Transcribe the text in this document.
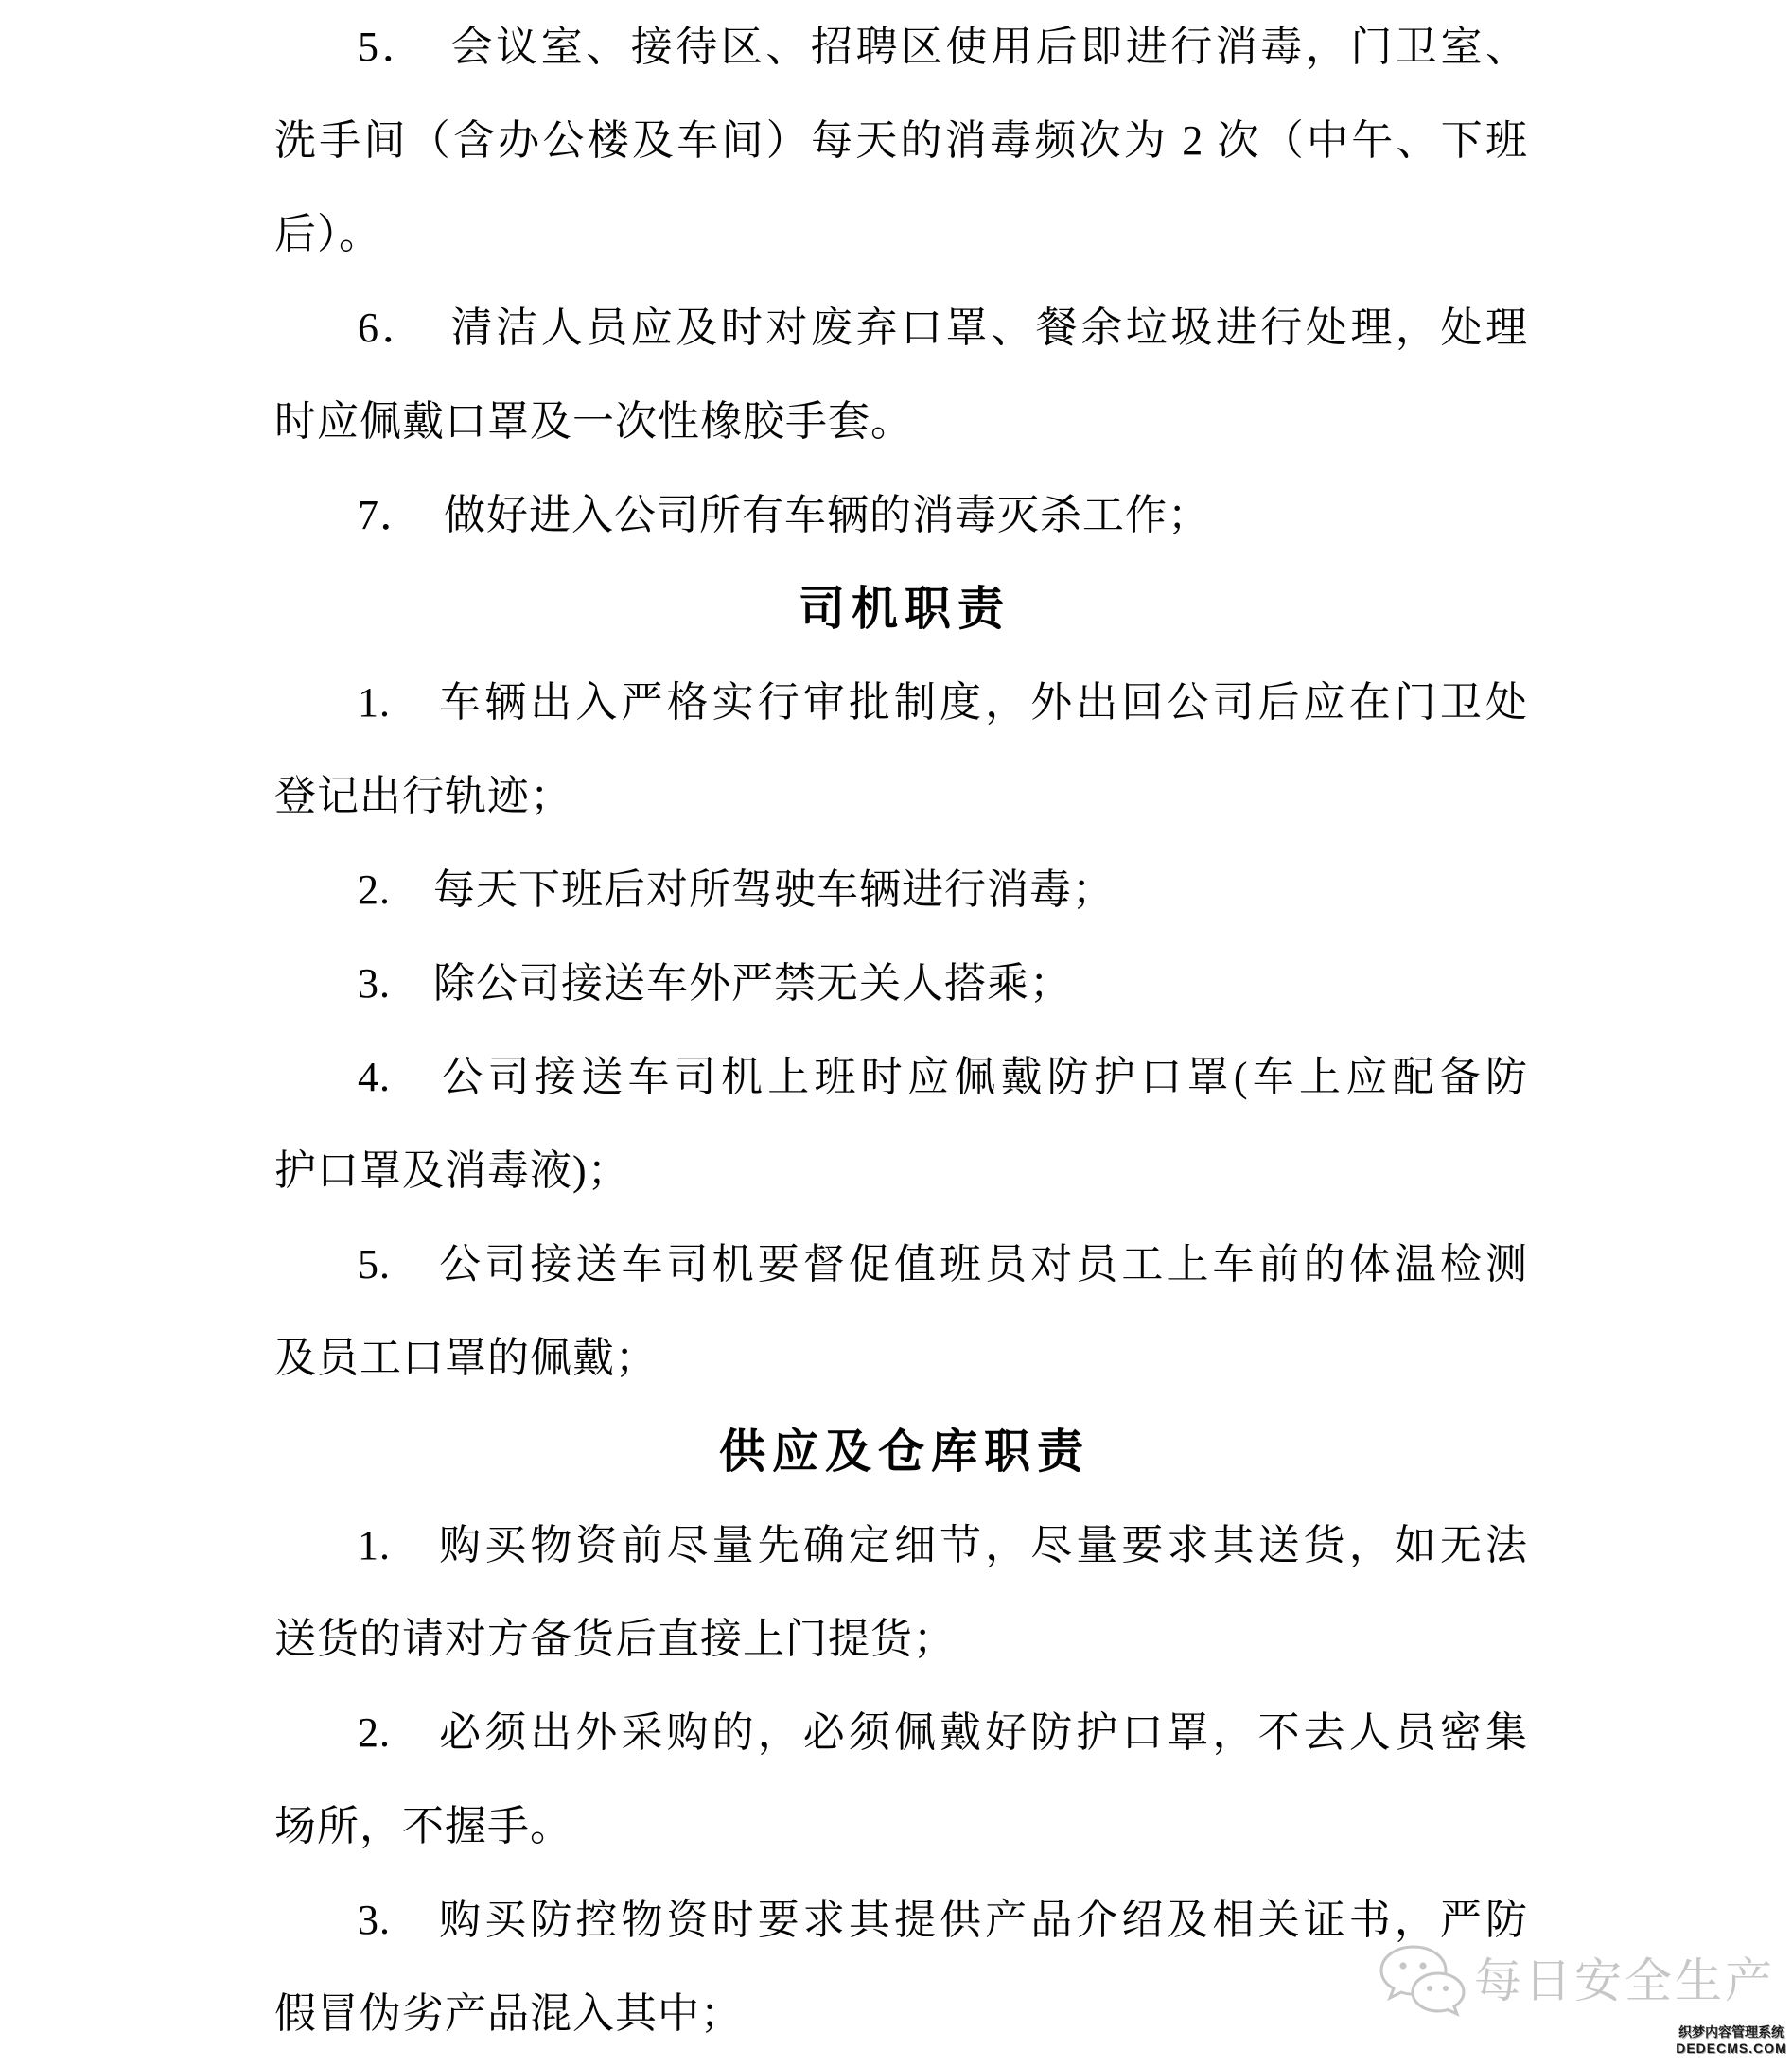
5．　会议室、接待区、招聘区使用后即进行消毒，门卫室、
洗手间（含办公楼及车间）每天的消毒频次为 2 次（中午、下班
后）。
6．　清洁人员应及时对废弃口罩、餐余垃圾进行处理，处理
时应佩戴口罩及一次性橡胶手套。
7．　做好进入公司所有车辆的消毒灭杀工作；
司机职责
1.　车辆出入严格实行审批制度，外出回公司后应在门卫处
登记出行轨迹；
2.　每天下班后对所驾驶车辆进行消毒；
3.　除公司接送车外严禁无关人搭乘；
4.　公司接送车司机上班时应佩戴防护口罩(车上应配备防
护口罩及消毒液)；
5.　公司接送车司机要督促值班员对员工上车前的体温检测
及员工口罩的佩戴；
供应及仓库职责
1.　购买物资前尽量先确定细节，尽量要求其送货，如无法
送货的请对方备货后直接上门提货；
2.　必须出外采购的，必须佩戴好防护口罩，不去人员密集
场所，不握手。
3.　购买防控物资时要求其提供产品介绍及相关证书，严防
假冒伪劣产品混入其中；
每日安全生产
织梦内容管理系统
DEDECMS.COM
